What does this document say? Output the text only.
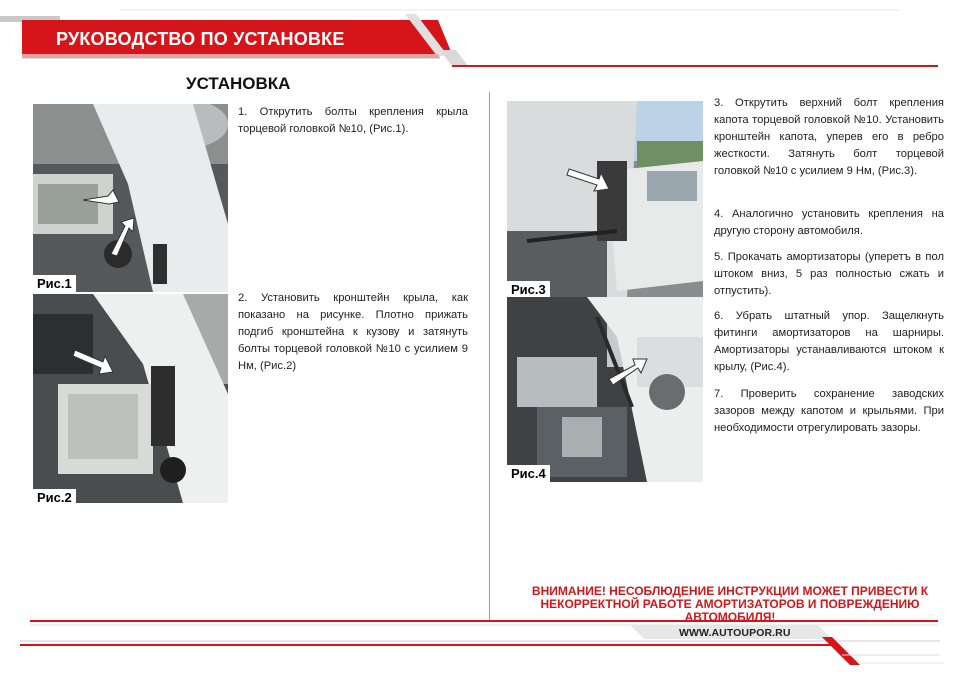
РУКОВОДСТВО ПО УСТАНОВКЕ
УСТАНОВКА
Рис.1
Рис.2
Рис.3
Рис.4
1. Открутить болты крепления крыла торцевой головкой №10, (Рис.1).
2. Установить кронштейн крыла, как показано на рисунке. Плотно прижать подгиб кронштейна к кузову и затянуть болты торцевой головкой №10 с усилием 9 Нм, (Рис.2)
3. Открутить верхний болт крепления капота торцевой головкой №10. Установить кронштейн капота, уперев его в ребро жесткости. Затянуть болт торцевой головкой №10 с усилием 9 Нм, (Рис.3).
4. Аналогично установить крепления на другую сторону автомобиля.
5. Прокачать амортизаторы (уперетъ в пол штоком вниз, 5 раз полностью сжать и отпустить).
6. Убрать штатный упор. Защелкнуть фитинги амортизаторов на шарниры. Амортизаторы устанавливаются штоком к крылу, (Рис.4).
7. Проверить сохранение заводских зазоров между капотом и крыльями. При необходимости отрегулировать зазоры.
ВНИМАНИЕ! НЕСОБЛЮДЕНИЕ ИНСТРУКЦИИ МОЖЕТ ПРИВЕСТИ К
НЕКОРРЕКТНОЙ РАБОТЕ АМОРТИЗАТОРОВ И ПОВРЕЖДЕНИЮ
АВТОМОБИЛЯ!
WWW.AUTOUPOR.RU
